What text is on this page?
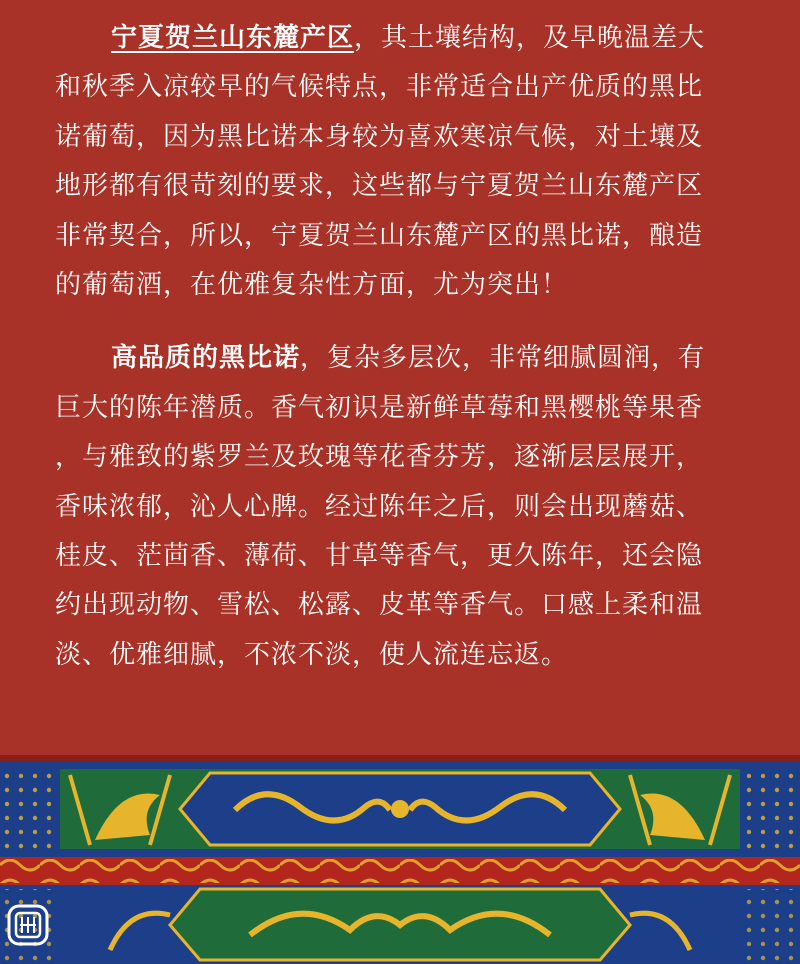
宁夏贺兰山东麓产区，其土壤结构，及早晚温差大
和秋季入凉较早的气候特点，非常适合出产优质的黑比
诺葡萄，因为黑比诺本身较为喜欢寒凉气候，对土壤及
地形都有很苛刻的要求，这些都与宁夏贺兰山东麓产区
非常契合，所以，宁夏贺兰山东麓产区的黑比诺，酿造
的葡萄酒，在优雅复杂性方面，尤为突出！
高品质的黑比诺，复杂多层次，非常细腻圆润，有
巨大的陈年潜质。香气初识是新鲜草莓和黑樱桃等果香
，与雅致的紫罗兰及玫瑰等花香芬芳，逐渐层层展开，
香味浓郁，沁人心脾。经过陈年之后，则会出现蘑菇、
桂皮、茫茴香、薄荷、甘草等香气，更久陈年，还会隐
约出现动物、雪松、松露、皮革等香气。口感上柔和温
淡、优雅细腻，不浓不淡，使人流连忘返。
